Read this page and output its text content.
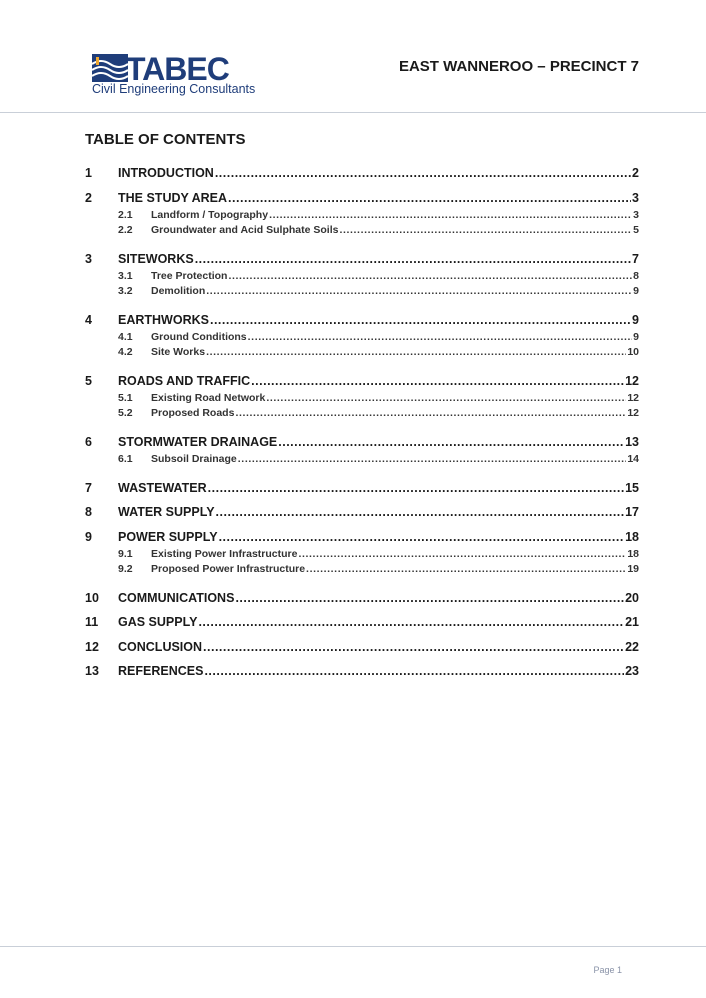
TABEC
Civil Engineering Consultants
EAST WANNEROO – PRECINCT 7
TABLE OF CONTENTS
1	INTRODUCTION .....	2
2	THE STUDY AREA .....	3
2.1	Landform / Topography .....	3
2.2	Groundwater and Acid Sulphate Soils .....	5
3	SITEWORKS .....	7
3.1	Tree Protection .....	8
3.2	Demolition .....	9
4	EARTHWORKS .....	9
4.1	Ground Conditions .....	9
4.2	Site Works .....	10
5	ROADS AND TRAFFIC .....	12
5.1	Existing Road Network .....	12
5.2	Proposed Roads .....	12
6	STORMWATER DRAINAGE .....	13
6.1	Subsoil Drainage .....	14
7	WASTEWATER .....	15
8	WATER SUPPLY .....	17
9	POWER SUPPLY .....	18
9.1	Existing Power Infrastructure .....	18
9.2	Proposed Power Infrastructure .....	19
10	COMMUNICATIONS .....	20
11	GAS SUPPLY .....	21
12	CONCLUSION .....	22
13	REFERENCES .....	23
Page 1
